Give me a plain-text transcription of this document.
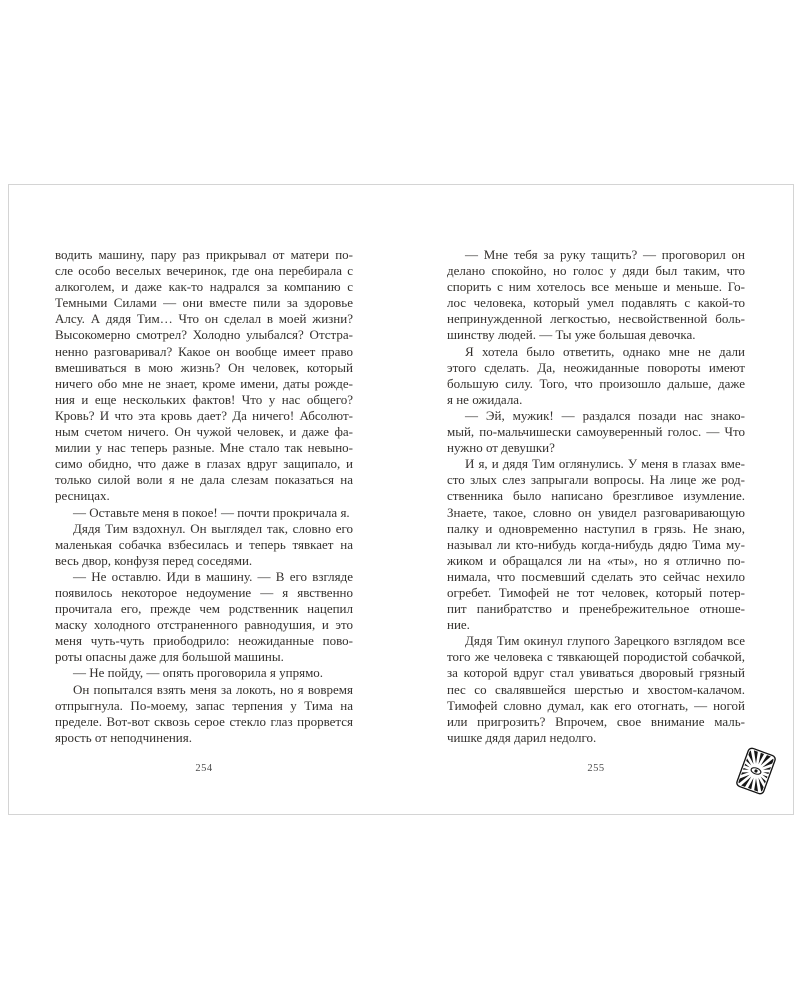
водить машину, пару раз прикрывал от матери по-
сле особо веселых вечеринок, где она перебирала с
алкоголем, и даже как-то надрался за компанию с
Темными Силами — они вместе пили за здоровье
Алсу. А дядя Тим… Что он сделал в моей жизни?
Высокомерно смотрел? Холодно улыбался? Отстра-
ненно разговаривал? Какое он вообще имеет право
вмешиваться в мою жизнь? Он человек, который
ничего обо мне не знает, кроме имени, даты рожде-
ния и еще нескольких фактов! Что у нас общего?
Кровь? И что эта кровь дает? Да ничего! Абсолют-
ным счетом ничего. Он чужой человек, и даже фа-
милии у нас теперь разные. Мне стало так невыно-
симо обидно, что даже в глазах вдруг защипало, и
только силой воли я не дала слезам показаться на
ресницах.
— Оставьте меня в покое! — почти прокричала я.
Дядя Тим вздохнул. Он выглядел так, словно его
маленькая собачка взбесилась и теперь тявкает на
весь двор, конфузя перед соседями.
— Не оставлю. Иди в машину. — В его взгляде
появилось некоторое недоумение — я явственно
прочитала его, прежде чем родственник нацепил
маску холодного отстраненного равнодушия, и это
меня чуть-чуть приободрило: неожиданные пово-
роты опасны даже для большой машины.
— Не пойду, — опять проговорила я упрямо.
Он попытался взять меня за локоть, но я вовремя
отпрыгнула. По-моему, запас терпения у Тима на
пределе. Вот-вот сквозь серое стекло глаз прорвется
ярость от неподчинения.
— Мне тебя за руку тащить? — проговорил он
делано спокойно, но голос у дяди был таким, что
спорить с ним хотелось все меньше и меньше. Го-
лос человека, который умел подавлять с какой-то
непринужденной легкостью, несвойственной боль-
шинству людей. — Ты уже большая девочка.
Я хотела было ответить, однако мне не дали
этого сделать. Да, неожиданные повороты имеют
большую силу. Того, что произошло дальше, даже
я не ожидала.
— Эй, мужик! — раздался позади нас знако-
мый, по-мальчишески самоуверенный голос. — Что
нужно от девушки?
И я, и дядя Тим оглянулись. У меня в глазах вме-
сто злых слез запрыгали вопросы. На лице же род-
ственника было написано брезгливое изумление.
Знаете, такое, словно он увидел разговаривающую
палку и одновременно наступил в грязь. Не знаю,
называл ли кто-нибудь когда-нибудь дядю Тима му-
жиком и обращался ли на «ты», но я отлично по-
нимала, что посмевший сделать это сейчас нехило
огребет. Тимофей не тот человек, который потер-
пит панибратство и пренебрежительное отноше-
ние.
Дядя Тим окинул глупого Зарецкого взглядом все
того же человека с тявкающей породистой собачкой,
за которой вдруг стал увиваться дворовый грязный
пес со свалявшейся шерстью и хвостом-калачом.
Тимофей словно думал, как его отогнать, — ногой
или пригрозить? Впрочем, свое внимание маль-
чишке дядя дарил недолго.
254	255
